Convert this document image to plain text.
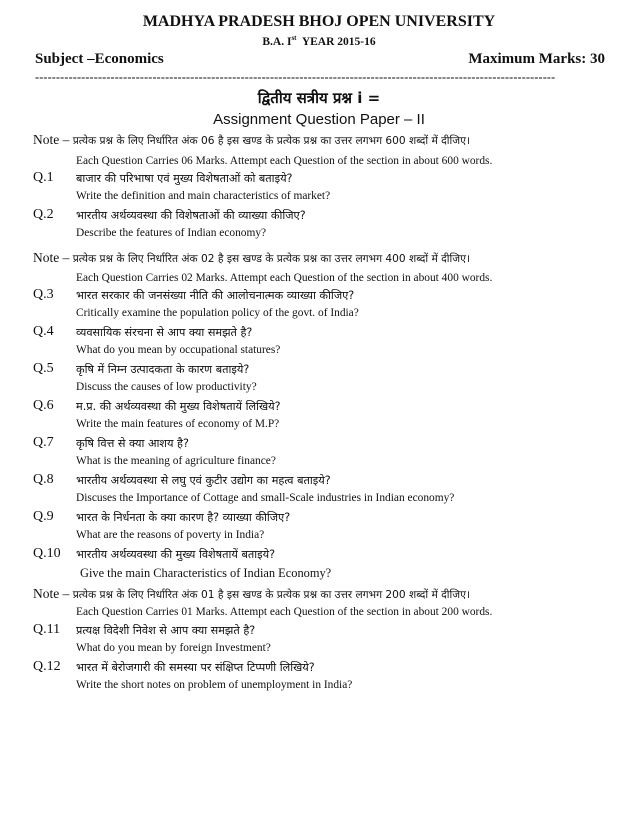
MADHYA PRADESH BHOJ OPEN UNIVERSITY
B.A. Ist  YEAR 2015-16
Subject –Economics	Maximum Marks: 30
----------------------------------------------------------------------------------------------------------------------------
द्वितीय सत्रीय प्रश्न i =
Assignment Question Paper – II
Note – प्रत्येक प्रश्न के लिए निर्धारित अंक 06 है इस खण्ड के प्रत्येक प्रश्न का उत्तर लगभग 600 शब्दों में दीजिए।
Each Question Carries 06 Marks. Attempt each Question of the section in about 600 words.
Q.1 बाजार की परिभाषा एवं मुख्य विशेषताओं को बताइये?
Write the definition and main characteristics of market?
Q.2 भारतीय अर्थव्यवस्था की विशेषताओं की व्याख्या कीजिए?
Describe the features of Indian economy?
Note – प्रत्येक प्रश्न के लिए निर्धारित अंक 02 है इस खण्ड के प्रत्येक प्रश्न का उत्तर लगभग 400 शब्दों में दीजिए।
Each Question Carries 02 Marks. Attempt each Question of the section in about 400 words.
Q.3 भारत सरकार की जनसंख्या नीति की आलोचनात्मक व्याख्या कीजिए?
Critically examine the population policy of the govt. of India?
Q.4 व्यवसायिक संरचना से आप क्या समझते है?
What do you mean by occupational statures?
Q.5 कृषि में निम्न उत्पादकता के कारण बताइये?
Discuss the causes of low productivity?
Q.6 म.प्र. की अर्थव्यवस्था की मुख्य विशेषतायें लिखिये?
Write the main features of economy of M.P?
Q.7 कृषि वित्त से क्या आशय है?
What is the meaning of agriculture finance?
Q.8 भारतीय अर्थव्यवस्था से लघु एवं कुटीर उद्योग का महत्व बताइये?
Discuses the Importance of Cottage and small-Scale industries in Indian economy?
Q.9 भारत के निर्धनता के क्या कारण है? व्याख्या कीजिए?
What are the reasons of poverty in India?
Q.10 भारतीय अर्थव्यवस्था की मुख्य विशेषतायें बताइये?
Give the main Characteristics of Indian Economy?
Note – प्रत्येक प्रश्न के लिए निर्धारित अंक 01 है इस खण्ड के प्रत्येक प्रश्न का उत्तर लगभग 200 शब्दों में दीजिए।
Each Question Carries 01 Marks. Attempt each Question of the section in about 200 words.
Q.11 प्रत्यक्ष विदेशी निवेश से आप क्या समझते है?
What do you mean by foreign Investment?
Q.12 भारत में बेरोजगारी की समस्या पर संक्षिप्त टिप्पणी लिखिये?
Write the short notes on problem of unemployment in India?
